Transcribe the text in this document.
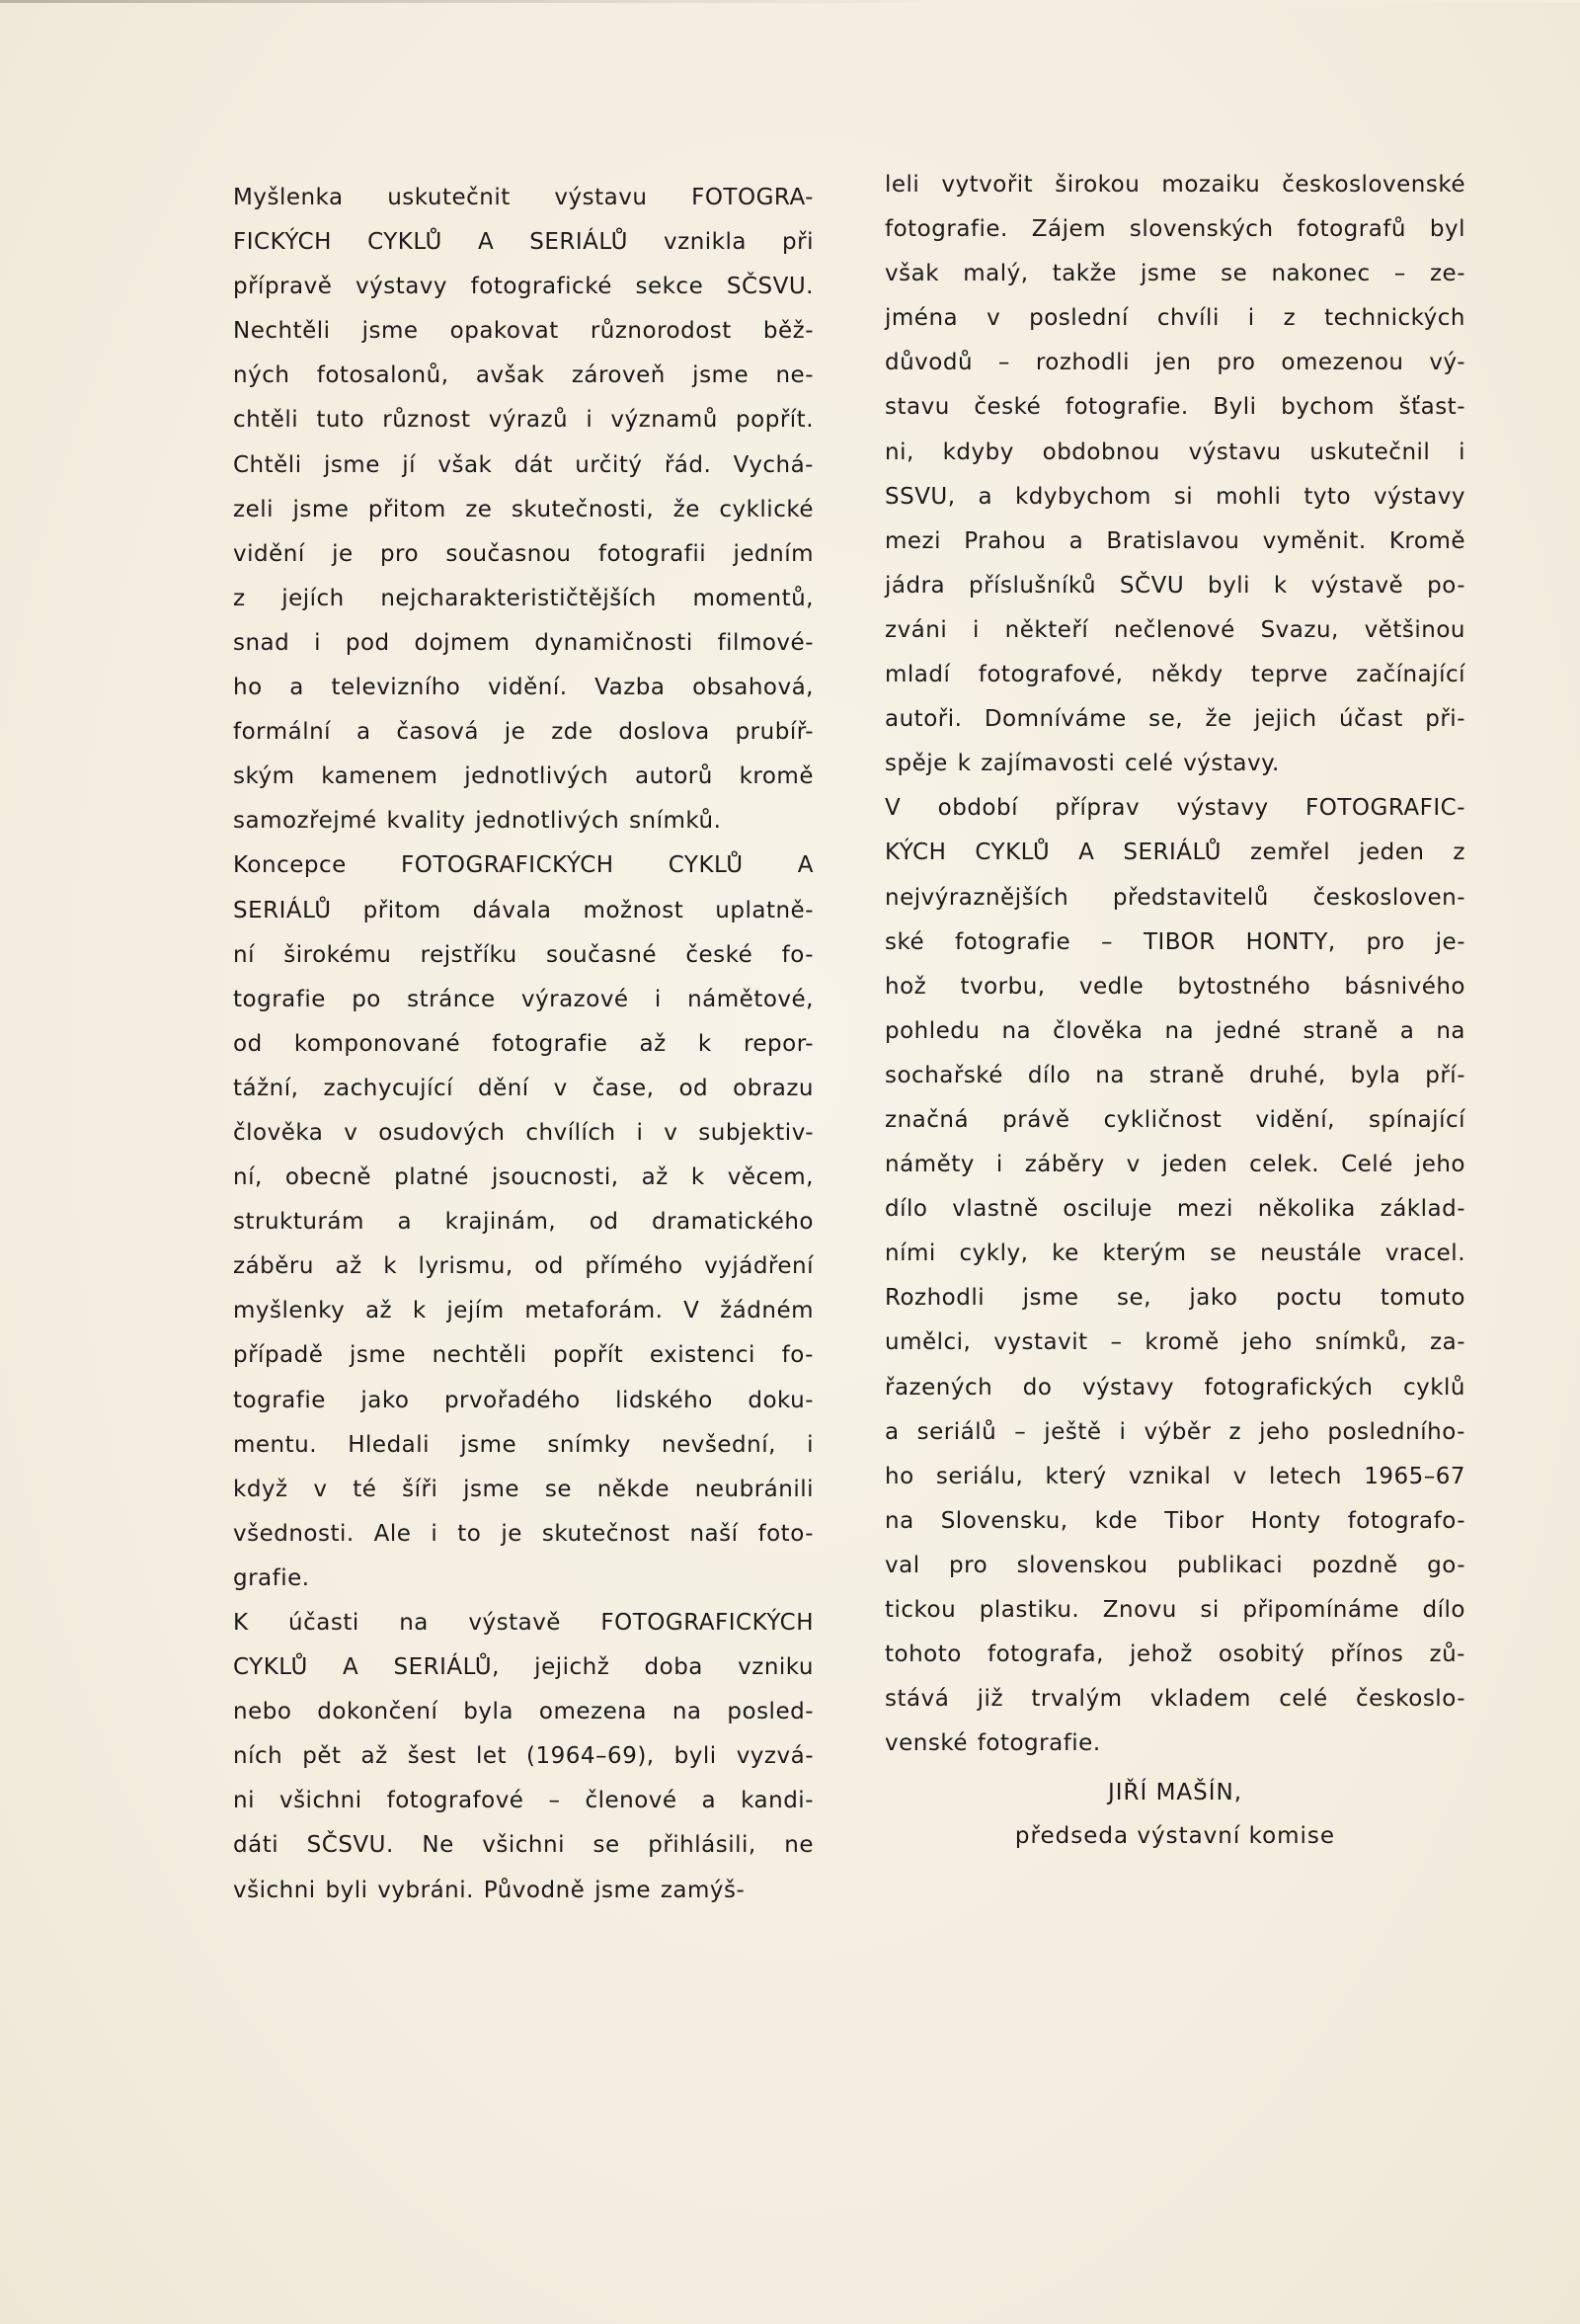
Myšlenka uskutečnit výstavu FOTOGRA-
FICKÝCH CYKLŮ A SERIÁLŮ vznikla při
přípravě výstavy fotografické sekce SČSVU.
Nechtěli jsme opakovat různorodost běž-
ných fotosalonů, avšak zároveň jsme ne-
chtěli tuto různost výrazů i významů popřít.
Chtěli jsme jí však dát určitý řád. Vychá-
zeli jsme přitom ze skutečnosti, že cyklické
vidění je pro současnou fotografii jedním
z jejích nejcharakterističtějších momentů,
snad i pod dojmem dynamičnosti filmové-
ho a televizního vidění. Vazba obsahová,
formální a časová je zde doslova prubíř-
ským kamenem jednotlivých autorů kromě
samozřejmé kvality jednotlivých snímků.
Koncepce FOTOGRAFICKÝCH CYKLŮ A
SERIÁLŮ přitom dávala možnost uplatně-
ní širokému rejstříku současné české fo-
tografie po stránce výrazové i námětové,
od komponované fotografie až k repor-
tážní, zachycující dění v čase, od obrazu
člověka v osudových chvílích i v subjektiv-
ní, obecně platné jsoucnosti, až k věcem,
strukturám a krajinám, od dramatického
záběru až k lyrismu, od přímého vyjádření
myšlenky až k jejím metaforám. V žádném
případě jsme nechtěli popřít existenci fo-
tografie jako prvořadého lidského doku-
mentu. Hledali jsme snímky nevšední, i
když v té šíři jsme se někde neubránili
všednosti. Ale i to je skutečnost naší foto-
grafie.
K účasti na výstavě FOTOGRAFICKÝCH
CYKLŮ A SERIÁLŮ, jejichž doba vzniku
nebo dokončení byla omezena na posled-
ních pět až šest let (1964–69), byli vyzvá-
ni všichni fotografové – členové a kandi-
dáti SČSVU. Ne všichni se přihlásili, ne
všichni byli vybráni. Původně jsme zamýš-
leli vytvořit širokou mozaiku československé
fotografie. Zájem slovenských fotografů byl
však malý, takže jsme se nakonec – ze-
jména v poslední chvíli i z technických
důvodů – rozhodli jen pro omezenou vý-
stavu české fotografie. Byli bychom šťast-
ni, kdyby obdobnou výstavu uskutečnil i
SSVU, a kdybychom si mohli tyto výstavy
mezi Prahou a Bratislavou vyměnit. Kromě
jádra příslušníků SČVU byli k výstavě po-
zváni i někteří nečlenové Svazu, většinou
mladí fotografové, někdy teprve začínající
autoři. Domníváme se, že jejich účast při-
spěje k zajímavosti celé výstavy.
V období příprav výstavy FOTOGRAFIC-
KÝCH CYKLŮ A SERIÁLŮ zemřel jeden z
nejvýraznějších představitelů českosloven-
ské fotografie – TIBOR HONTY, pro je-
hož tvorbu, vedle bytostného básnivého
pohledu na člověka na jedné straně a na
sochařské dílo na straně druhé, byla pří-
značná právě cykličnost vidění, spínající
náměty i záběry v jeden celek. Celé jeho
dílo vlastně osciluje mezi několika základ-
ními cykly, ke kterým se neustále vracel.
Rozhodli jsme se, jako poctu tomuto
umělci, vystavit – kromě jeho snímků, za-
řazených do výstavy fotografických cyklů
a seriálů – ještě i výběr z jeho posledního-
ho seriálu, který vznikal v letech 1965–67
na Slovensku, kde Tibor Honty fotografo-
val pro slovenskou publikaci pozdně go-
tickou plastiku. Znovu si připomínáme dílo
tohoto fotografa, jehož osobitý přínos zů-
stává již trvalým vkladem celé českoslo-
venské fotografie.
JIŘÍ MAŠÍN,
předseda výstavní komise
